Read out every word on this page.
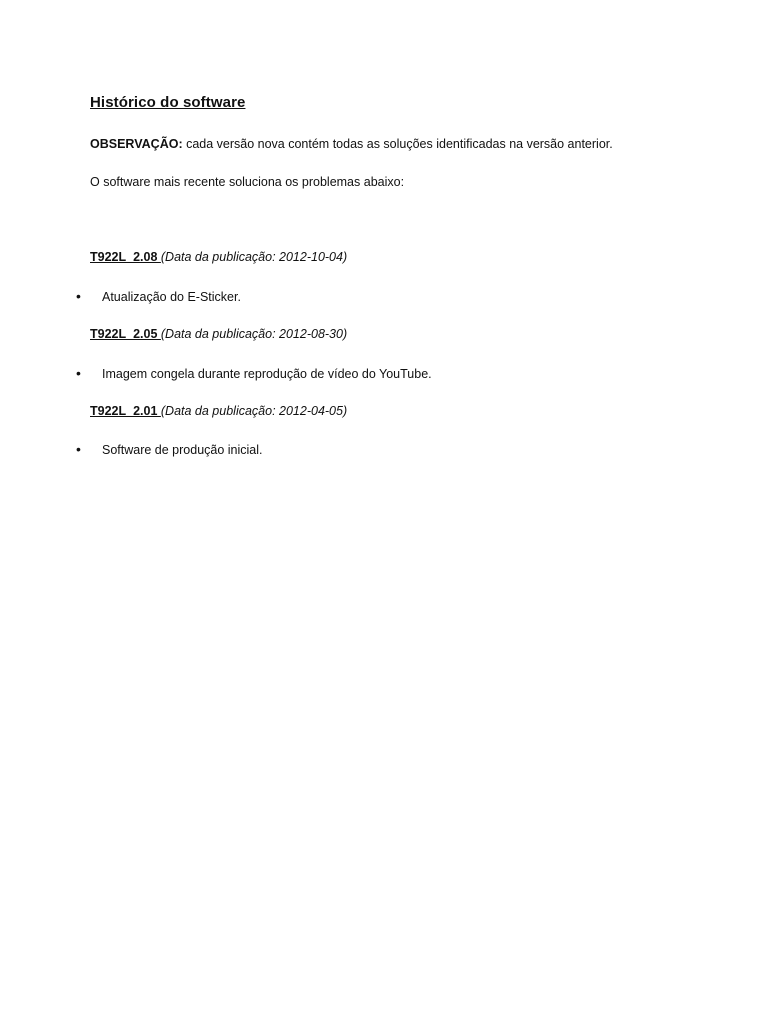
Histórico do software

OBSERVAÇÃO: cada versão nova contém todas as soluções identificadas na versão anterior.

O software mais recente soluciona os problemas abaixo:

T922L_2.08 (Data da publicação: 2012-10-04)

• Atualização do E-Sticker.

T922L_2.05 (Data da publicação: 2012-08-30)

• Imagem congela durante reprodução de vídeo do YouTube.

T922L_2.01 (Data da publicação: 2012-04-05)

• Software de produção inicial.
